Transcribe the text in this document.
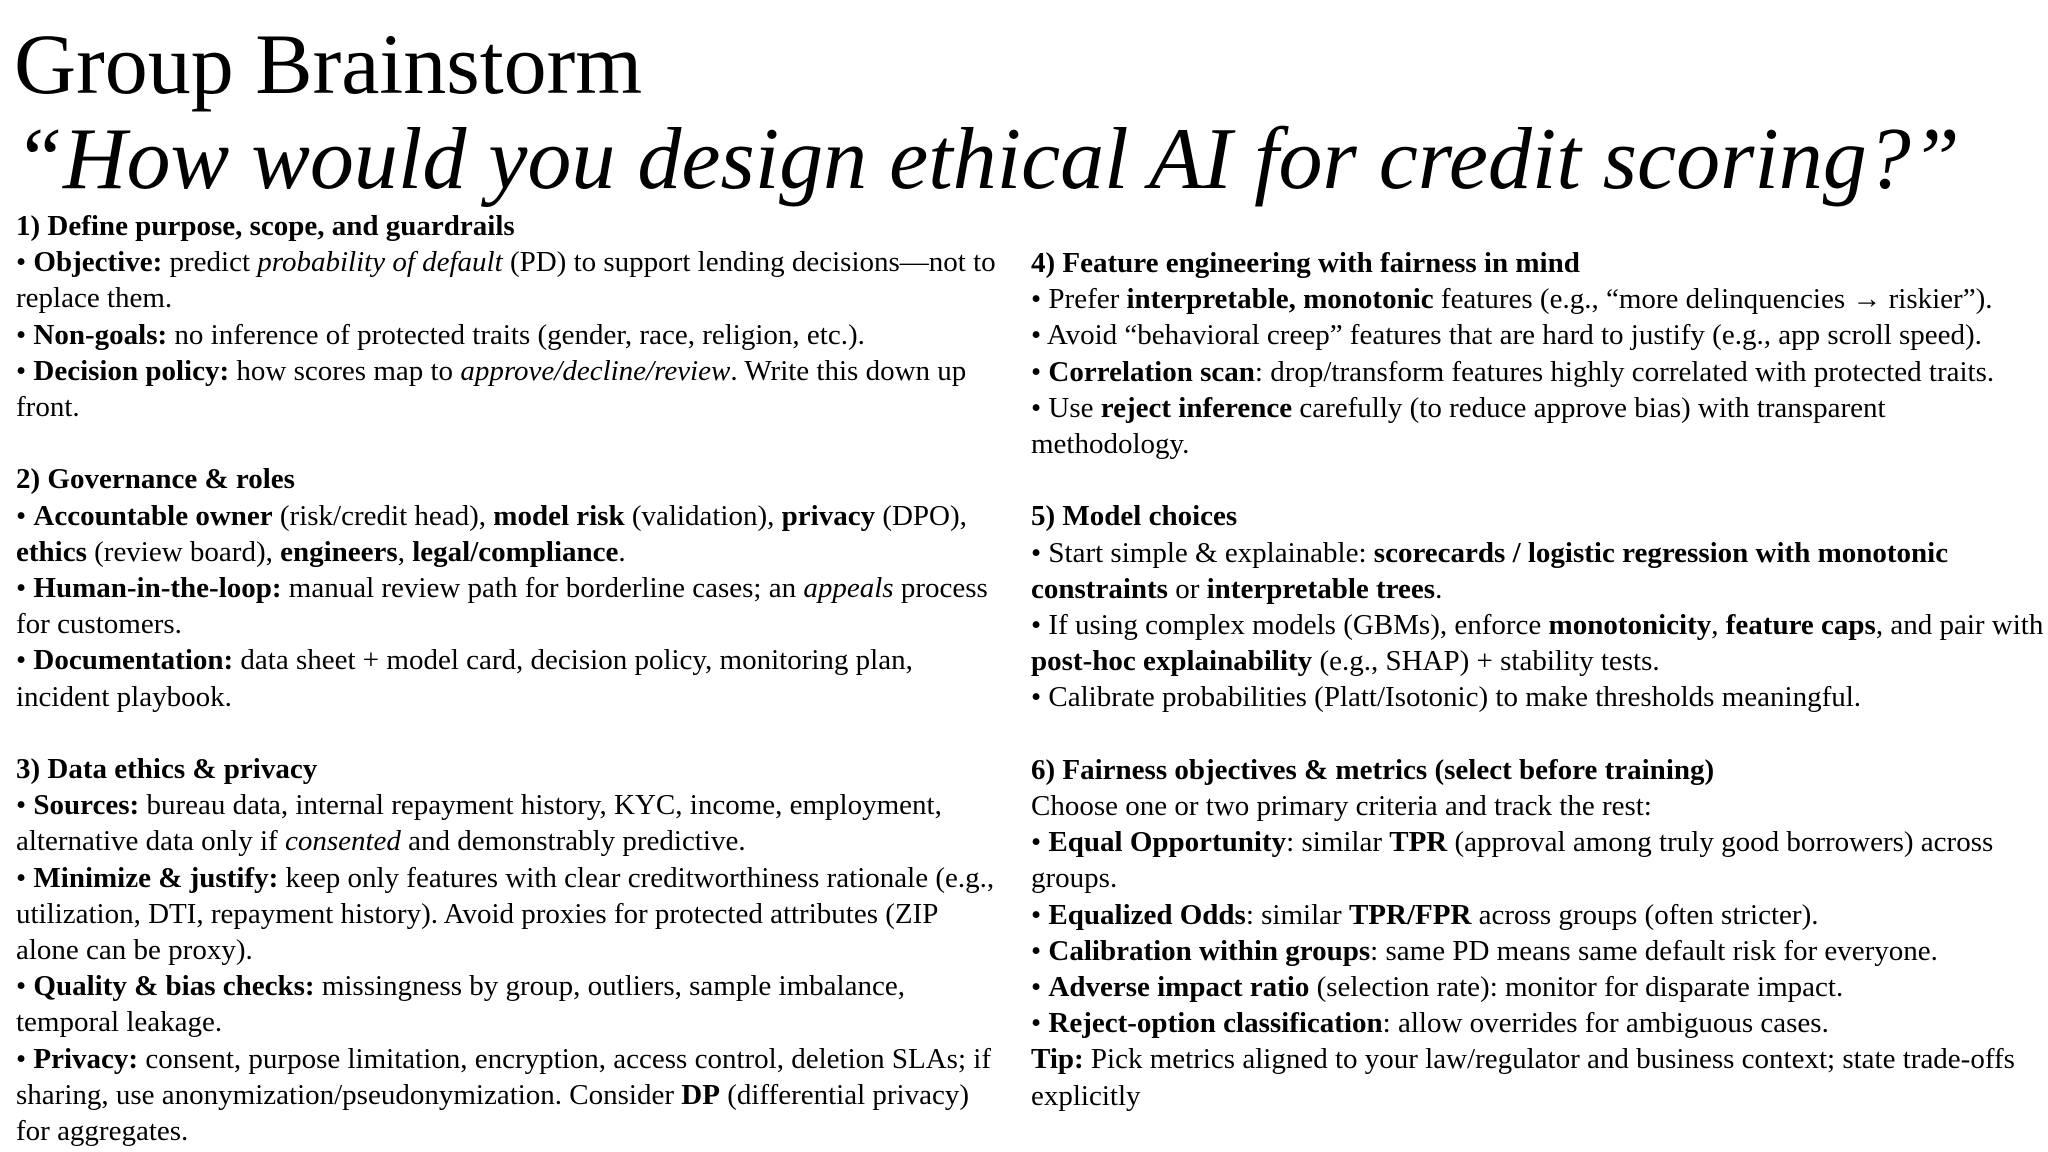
Group Brainstorm
“How would you design ethical AI for credit scoring?”

1) Define purpose, scope, and guardrails

• Objective: predict probability of default (PD) to support lending decisions—not to replace them.

• Non-goals: no inference of protected traits (gender, race, religion, etc.).

• Decision policy: how scores map to approve/decline/review. Write this down up front.

2) Governance & roles

• Accountable owner (risk/credit head), model risk (validation), privacy (DPO), ethics (review board), engineers, legal/compliance.

• Human-in-the-loop: manual review path for borderline cases; an appeals process for customers.

• Documentation: data sheet + model card, decision policy, monitoring plan, incident playbook.

3) Data ethics & privacy

• Sources: bureau data, internal repayment history, KYC, income, employment, alternative data only if consented and demonstrably predictive.

• Minimize & justify: keep only features with clear creditworthiness rationale (e.g., utilization, DTI, repayment history). Avoid proxies for protected attributes (ZIP alone can be proxy).

• Quality & bias checks: missingness by group, outliers, sample imbalance, temporal leakage.

• Privacy: consent, purpose limitation, encryption, access control, deletion SLAs; if sharing, use anonymization/pseudonymization. Consider DP (differential privacy) for aggregates.

4) Feature engineering with fairness in mind

• Prefer interpretable, monotonic features (e.g., “more delinquencies → riskier”).

• Avoid “behavioral creep” features that are hard to justify (e.g., app scroll speed).

• Correlation scan: drop/transform features highly correlated with protected traits.

• Use reject inference carefully (to reduce approve bias) with transparent methodology.

5) Model choices

• Start simple & explainable: scorecards / logistic regression with monotonic constraints or interpretable trees.

• If using complex models (GBMs), enforce monotonicity, feature caps, and pair with post-hoc explainability (e.g., SHAP) + stability tests.

• Calibrate probabilities (Platt/Isotonic) to make thresholds meaningful.

6) Fairness objectives & metrics (select before training)

Choose one or two primary criteria and track the rest:

• Equal Opportunity: similar TPR (approval among truly good borrowers) across groups.

• Equalized Odds: similar TPR/FPR across groups (often stricter).

• Calibration within groups: same PD means same default risk for everyone.

• Adverse impact ratio (selection rate): monitor for disparate impact.

• Reject-option classification: allow overrides for ambiguous cases.

Tip: Pick metrics aligned to your law/regulator and business context; state trade-offs explicitly
